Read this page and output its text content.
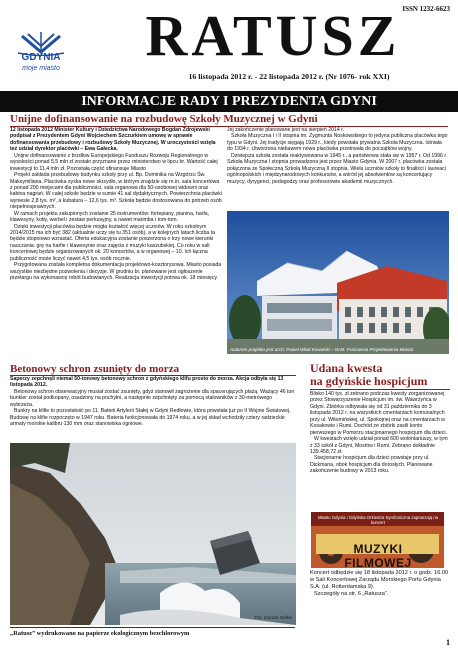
GDYNIA
moje miasto
ISSN 1232-6623
RATUSZ
16 listopada 2012 r. - 22 listopada 2012 r. (Nr 1076- rok XXI)
INFORMACJE RADY I PREZYDENTA GDYNI
Unijne dofinansowanie na rozbudowę Szkoły Muzycznej w Gdyni

12 listopada 2012 Minister Kultury i Dziedzictwa Narodowego Bogdan Zdrojewski podpisał z Prezydentem Gdyni Wojciechem Szczurkiem umowę w sprawie dofinansowania przebudowy i rozbudowy Szkoły Muzycznej. W uroczystości wzięła też udział dyrektor placówki – Ewa Gałecka.

Unijne dofinansowanie z brzdłow Europejskiego Funduszu Rozwoju Regionalnego w wysokości ponad 5,5 mln zł zostało przyznane przez ministerstwo w lipcu br. Wartość całej inwestycji to 11,4 mln zł. Pozostałą część sfinansuje Miasto

Projekt zakłada przebudowę budynku szkoły przy ul. Bp. Dominika na Wzgórzu Św. Maksymiliana. Placówka zyska nowe skrzydło, w którym znajdzie się m.in. sala koncertowa z ponad 200 miejscami dla publiczności, sala organowa dla 50-osobowej widowni oraz kabina nagrań. W całej szkole będzie w sumie 41 sal dydaktycznych. Powierzchnia placówki wyniesie 2,8 tys. m², a kubatura – 12,6 tys. m³. Szkoła będzie dostosowana do potrzeb osób niepełnosprawnych.

W ramach projektu zakupionych zostanie 25 instrumentów: fortepiany, pianina, harfa, klawesyny, kotły, werbel i zestaw perkusyjny, a nawet marimba i tom-tom.

Dzięki inwestycji placówka będzie mogła kształcić więcej uczniów. W roku szkolnym 2014/2015 ma ich być 382 (aktualnie uczy się tu 351 osób), a w kolejnych latach liczba ta będzie stopniowo wzrastać. Oferta edukacyjna zostanie poszerzona o trzy nowe kierunki nauczania: grę na harfie i klawesynie oraz zajęcia z muzyki kaszubskiej. Co roku w sali koncertowej będzie organizowanych ok. 20 koncertów, a w organowej – 10. Ich łączna publiczność może liczyć nawet 4,5 tys. osób rocznie.

Przygotowana została kompletna dokumentacja projektowo-kosztorysowa. Miasto posiada wszystkie niezbędne pozwolenia i decyzje. W grudniu br. planowane jest ogłoszenie przetargu na wykonawcę robót budowlanych. Realizacja inwestycji potrwa ok. 18 miesięcy.

Jej zakończenie planowane jest na sierpień 2014 r.

Szkoła Muzyczna I i II stopnia im. Zygmunta Noskowskiego to jedyna publiczna placówka tego typu w Gdyni. Jej tradycje sięgają 1929 r., kiedy powstała prywatna Szkoła Muzyczna. Istniała do 1934 r. Utworzona niebawem nowa placówka przetrwała do początków wojny.

Dzisiejsza szkoła została reaktywowana w 1945 r., a państwowa stała się w 1957 r. Od 1996 r. Szkoła Muzyczna I stopnia prowadzona jest przez Miasto Gdynia. W 2007 r. placówka została połączona ze Społeczną Szkołą Muzyczną II stopnia. Wielu uczniów szkoły to finaliści i laureaci ogólnopolskich i międzynarodowych konkursów, a wśród jej absolwentów są koncertujący muzycy, dyrygenci, pedagodzy oraz profesorowie akademii muzycznych.

Autorem projektu jest arch. Paweł Wład Kowalski – W.M. Pracownia Projektowania Miasta
Betonowy schron zsunięty do morza

Saperzy zepchnęli niemal 50-tonowy betonowy schron z gdyńskiego klifu prosto do morza. Akcja odbyła się 13 listopada 2012.

Betonowy schron obserwacyjny musiał zostać zsunięty, gdyż stanowił zagrożenie dla spacerujących plażą. Ważący 46 ton bunkier został podkopany, osadzony na pochyłni, a następnie zepchnięty za pomocą stalowników z 30-metrowego wybrzeża.

Bunkry na klifie to pozostałość po 11. Baterii Artylerii Stałej w Gdyni Redłowie, która powstała już po II Wojnie Światowej. Budowę na klifie rozpoczęto w 1947 roku. Bateria funkcjonowała do 1974 roku, a w jej skład wchodziły cztery radzieckie armaty morskie kalibru 130 mm oraz stanowiska ogniowe.

Fot. Dorota Nelke
Udana kwesta
na gdyńskie hospicjum

Blisko 140 tys. zł zebrano podczas kwesty zorganizowanej przez Stowarzyszenie Hospicjum im. św. Wawrzyńca w Gdyni. Zbiórka odbywała się od 31 października do 3 listopada 2012 r. na wszystkich cmentarzach komunalnych przy ul. Witomińskiej, ul. Spokojnej oraz na cmentarzach w Kosakowie i Rumi. Dochód ze zbiórki zasili konto pierwszego w Pomorzu stacjonarnego hospicjum dla dzieci.

W kwestach wzięło udział ponad 600 wolontariuszy, w tym z 33 szkół z Gdyni, Mostów i Rumi. Zebrano dokładnie 139.458,72 zł.

Stacjonarne hospicjum dla dzieci powstaje przy ul. Dickmana, obok hospicjum dla dorosłych. Planowane zakończenie budowy w 2013 roku.

Miasto Gdynia i Gdyńska Orkiestra Symfoniczna zapraszają na koncert
MUZYKI FILMOWEJ

Koncert odbędzie się 18 listopada 2012 r. o godz. 16.00 w Sali Koncertowej Zarządu Morskiego Portu Gdynia S.A. (ul. Rotterdamska 9).

Szczegóły na str. 6 „Ratusza”.

„Ratusz” wydrukowano na papierze ekologicznym bezchlorowym
1
